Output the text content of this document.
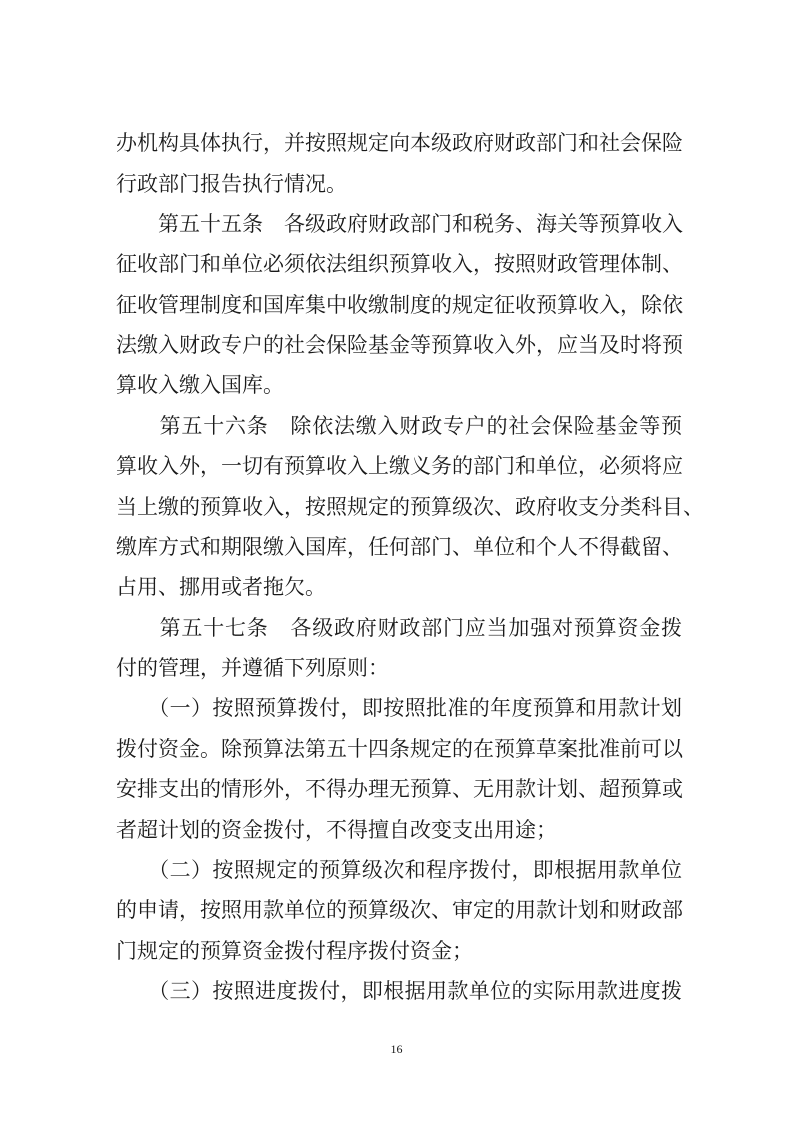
办机构具体执行，并按照规定向本级政府财政部门和社会保险
行政部门报告执行情况。
　　第五十五条　各级政府财政部门和税务、海关等预算收入
征收部门和单位必须依法组织预算收入，按照财政管理体制、
征收管理制度和国库集中收缴制度的规定征收预算收入，除依
法缴入财政专户的社会保险基金等预算收入外，应当及时将预
算收入缴入国库。
　　第五十六条　除依法缴入财政专户的社会保险基金等预
算收入外，一切有预算收入上缴义务的部门和单位，必须将应
当上缴的预算收入，按照规定的预算级次、政府收支分类科目、
缴库方式和期限缴入国库，任何部门、单位和个人不得截留、
占用、挪用或者拖欠。
　　第五十七条　各级政府财政部门应当加强对预算资金拨
付的管理，并遵循下列原则：
　　（一）按照预算拨付，即按照批准的年度预算和用款计划
拨付资金。除预算法第五十四条规定的在预算草案批准前可以
安排支出的情形外，不得办理无预算、无用款计划、超预算或
者超计划的资金拨付，不得擅自改变支出用途；
　　（二）按照规定的预算级次和程序拨付，即根据用款单位
的申请，按照用款单位的预算级次、审定的用款计划和财政部
门规定的预算资金拨付程序拨付资金；
　　（三）按照进度拨付，即根据用款单位的实际用款进度拨
16
